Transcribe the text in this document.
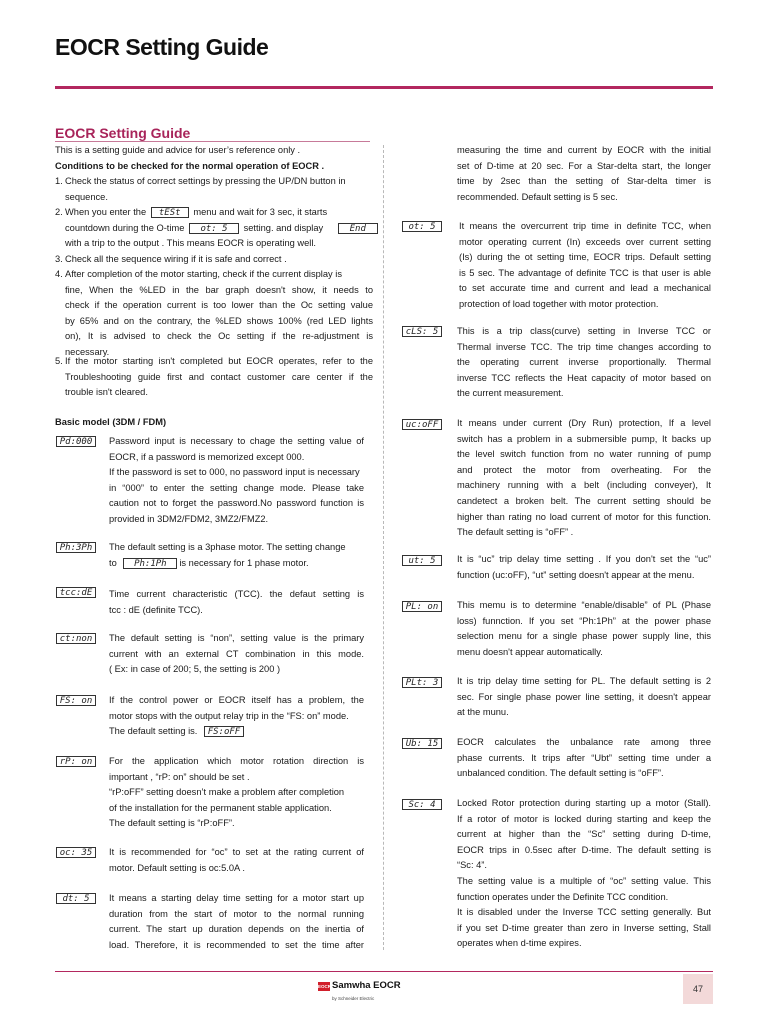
EOCR Setting Guide
EOCR Setting Guide
This is a setting guide and advice for user’s reference only .
Conditions to be checked for the normal operation of EOCR .
1. Check the status of correct settings by pressing the UP/DN button in
sequence.
2. When you enter the tESt menu and wait for 3 sec, it starts
countdown during the O-time ot: 5 setting. and display	End
with a trip to the output . This means EOCR is operating well.
3. Check all the sequence wiring if it is safe and correct .
4. After completion of the motor starting, check if the current display is
fine, When the %LED in the bar graph doesn't show, it needs to
check if the operation current is too lower than the Oc setting value
by 65% and on the contrary, the %LED shows 100% (red LED lights
on), It is advised to check the Oc setting if the re-adjustment is
necessary.
5. If the motor starting isn't completed but EOCR operates, refer to the
Troubleshooting guide first and contact customer care center if the
trouble isn't cleared.
Basic model (3DM / FDM)
Pd:000	Password input is necessary to chage the setting value of
EOCR, if a password is memorized except 000.
If the password is set to 000, no password input is necessary
in “000” to enter the setting change mode. Please take
caution not to forget the password.No password function is
provided in 3DM2/FDM2, 3MZ2/FMZ2.
Ph:3Ph	The default setting is a 3phase motor. The setting change
to Ph:1Ph is necessary for 1 phase motor.
tcc:dE	Time current characteristic (TCC). the defaut setting is
tcc : dE (definite TCC).
ct:non	The default setting is “non”, setting value is the primary
current with an external CT combination in this mode.
( Ex: in case of 200; 5, the setting is 200 )
FS: on	If the control power or EOCR itself has a problem, the
motor stops with the output relay trip in the “FS: on” mode.
The default setting is. FS:oFF
rP: on	For the application which motor rotation direction is
important , “rP: on” should be set .
“rP:oFF” setting doesn’t make a problem after completion
of the installation for the permanent stable application.
The default setting is “rP:oFF”.
oc: 35	It is recommended for “oc” to set at the rating current of
motor. Default setting is oc:5.0A .
dt: 5	It means a starting delay time setting for a motor start up
duration from the start of motor to the normal running
current. The start up duration depends on the inertia of
load. Therefore, it is recommended to set the time after
measuring the time and current by EOCR with the initial
set of D-time at 20 sec. For a Star-delta start, the longer
time by 2sec than the setting of Star-delta timer is
recommended. Default setting is 5 sec.
ot: 5	It means the overcurrent trip time in definite TCC, when
motor operating current (In) exceeds over current setting
(Is) during the ot setting time, EOCR trips. Default setting
is 5 sec. The advantage of definite TCC is that user is able
to set accurate time and current and lead a mechanical
protection of load together with motor protection.
cLS: 5	This is a trip class(curve) setting in Inverse TCC or
Thermal inverse TCC. The trip time changes according to
the operating current inverse proportionally. Thermal
inverse TCC reflects the Heat capacity of motor based on
the current measurement.
uc:oFF	It means under current (Dry Run) protection, If a level
switch has a problem in a submersible pump, It backs up
the level switch function from no water running of pump
and protect the motor from overheating. For the
machinery running with a belt (including conveyer), It
candetect a broken belt. The current setting should be
higher than rating no load current of motor for this function.
The default setting is “oFF” .
ut: 5	It is “uc” trip delay time setting . If you don't set the “uc”
function (uc:oFF), “ut” setting doesn't appear at the menu.
PL: on	This memu is to determine “enable/disable” of PL (Phase
loss) funnction. If you set “Ph:1Ph” at the power phase
selection menu for a single phase power supply line, this
menu doesn't appear automatically.
PLt: 3	It is trip delay time setting for PL. The default setting is 2
sec. For single phase power line setting, it doesn't appear
at the munu.
Ub: 15	EOCR calculates the unbalance rate among three
phase currents. It trips after “Ubt” setting time under a
unbalanced condition. The default setting is “oFF”.
Sc: 4	Locked Rotor protection during starting up a motor (Stall).
If a rotor of motor is locked during starting and keep the
current at higher than the “Sc” setting during D-time,
EOCR trips in 0.5sec after D-time. The default setting is
“Sc: 4”.
The setting value is a multiple of “oc” setting value. This
function operates under the Definite TCC condition.
It is disabled under the Inverse TCC setting generally. But
if you set D-time greater than zero in Inverse setting, Stall
operates when d-time expires.
EOCR Samwha EOCR
by Schneider Electric
47
